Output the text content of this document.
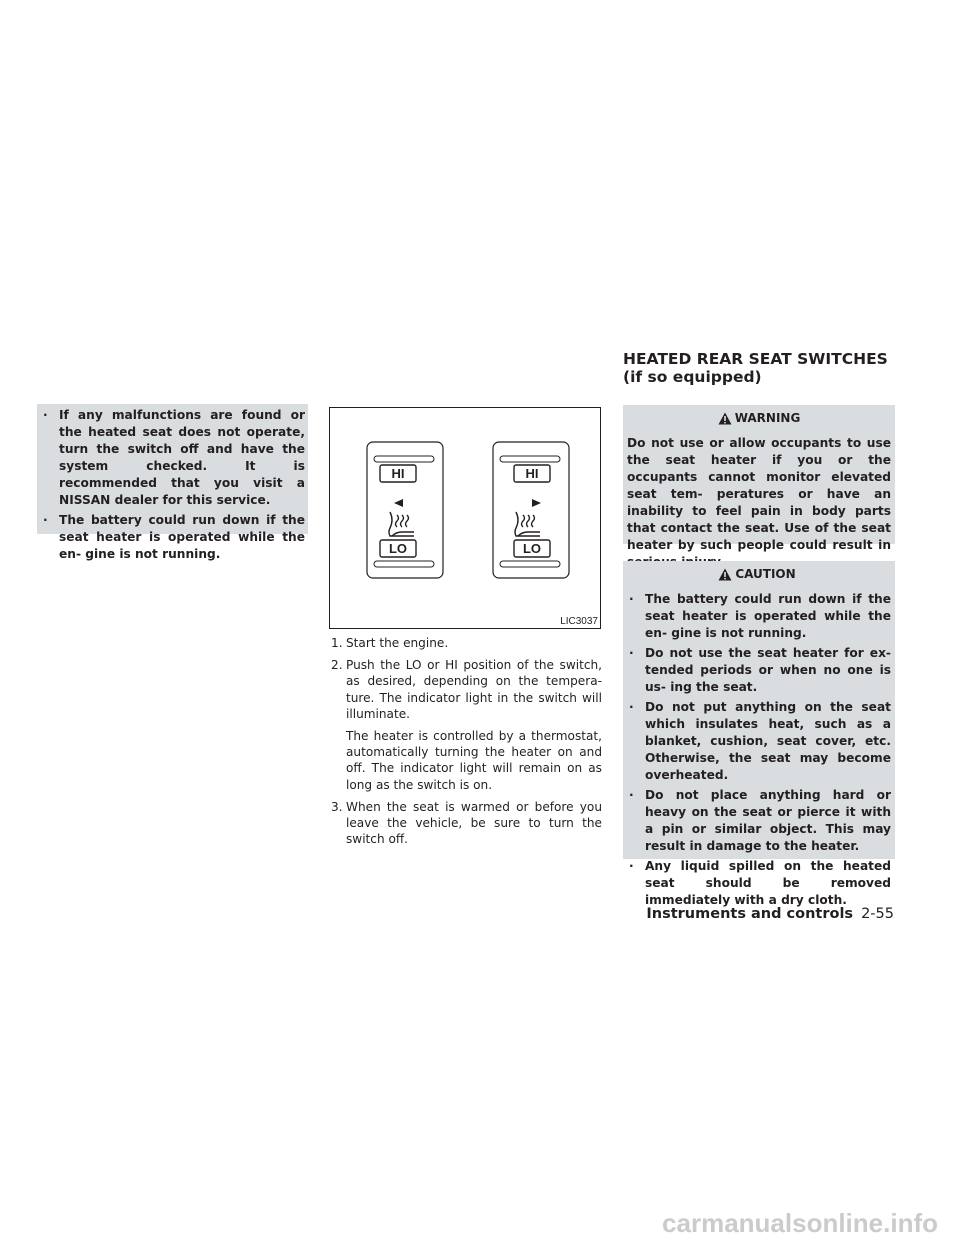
· If any malfunctions are found or the heated seat does not operate, turn the switch off and have the system checked. It is recommended that you visit a NISSAN dealer for this service.
· The battery could run down if the seat heater is operated while the en- gine is not running.
HI
LO
HI
LO
LIC3037
1. Start the engine.

2. Push the LO or HI position of the switch, as desired, depending on the tempera- ture. The indicator light in the switch will illuminate.

The heater is controlled by a thermostat, automatically turning the heater on and off. The indicator light will remain on as long as the switch is on.

3. When the seat is warmed or before you leave the vehicle, be sure to turn the switch off.

HEATED REAR SEAT SWITCHES (if so equipped)
WARNING

Do not use or allow occupants to use the seat heater if you or the occupants cannot monitor elevated seat tem- peratures or have an inability to feel pain in body parts that contact the seat. Use of the seat heater by such people could result in

CAUTION
· The battery could run down if the seat heater is operated while the en- gine is not running.
· Do not use the seat heater for ex- tended periods or when no one is us- ing the seat.
· Do not put anything on the seat which insulates heat, such as a blanket, cushion, seat cover, etc. Otherwise, the seat may become overheated.
· Do not place anything hard or heavy on the seat or pierce it with a pin or similar object. This may result in damage to the heater.
· Any liquid spilled on the heated seat should be removed immediately with a dry cloth.
Instruments and controls 2-55
carmanualsonline.info
